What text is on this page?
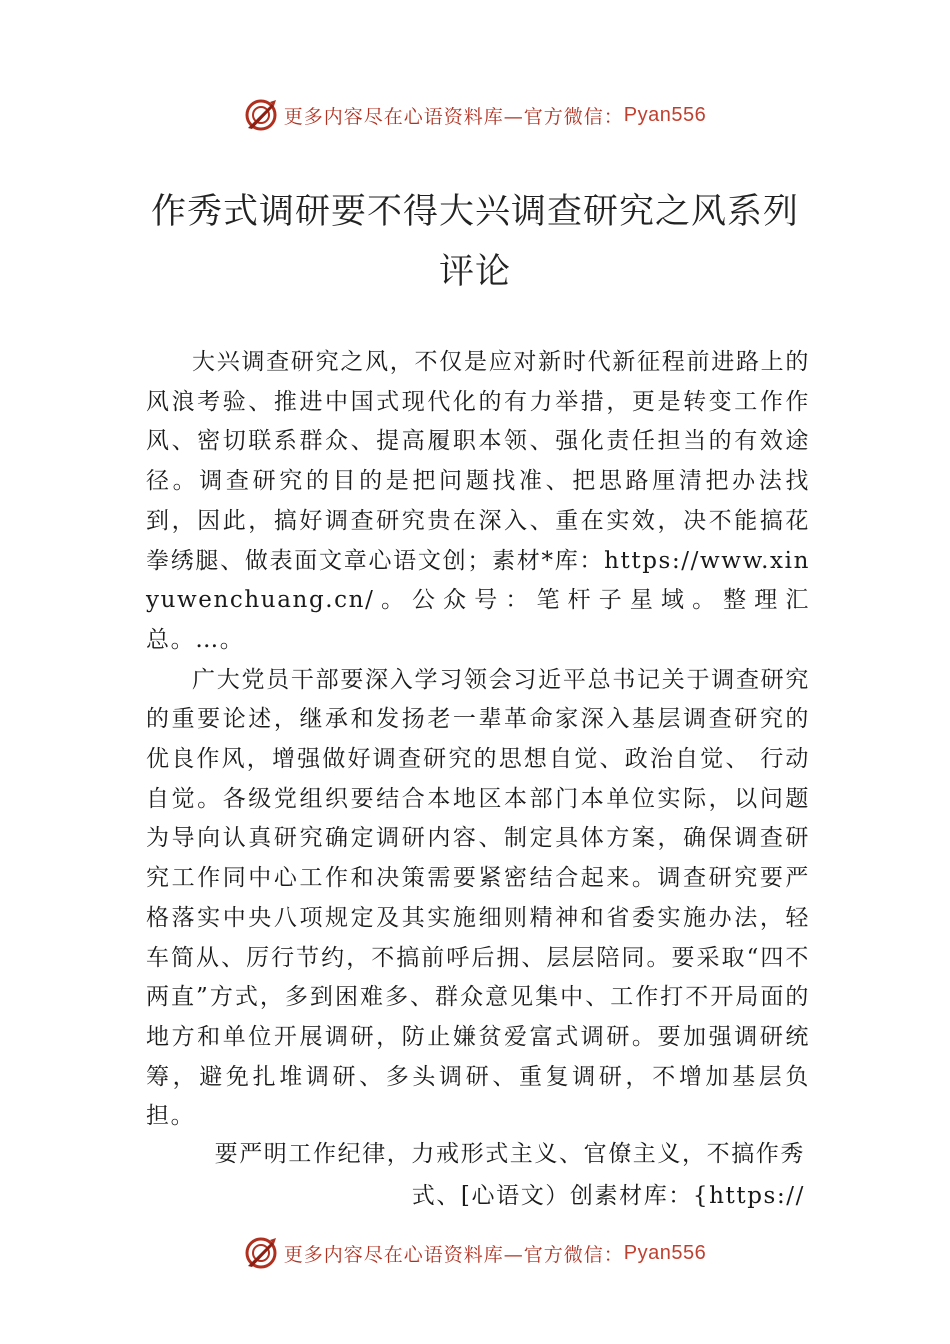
更多内容尽在心语资料库—官方微信： Pyan556
作秀式调研要不得大兴调查研究之风系列
评论

大兴调查研究之风，不仅是应对新时代新征程前进路上的风浪考验、推进中国式现代化的有力举措，更是转变工作作风、密切联系群众、提高履职本领、强化责任担当的有效途径。调查研究的目的是把问题找准、把思路厘清把办法找到，因此，搞好调查研究贵在深入、重在实效，决不能搞花拳绣腿、做表面文章心语文创；素材*库：https://www.xinyuwenchuang.cn/。公众号：笔杆子星域。整理汇总。…。

广大党员干部要深入学习领会习近平总书记关于调查研究的重要论述，继承和发扬老一辈革命家深入基层调查研究的优良作风，增强做好调查研究的思想自觉、政治自觉、 行动自觉。各级党组织要结合本地区本部门本单位实际，以问题为导向认真研究确定调研内容、制定具体方案，确保调查研究工作同中心工作和决策需要紧密结合起来。调查研究要严格落实中央八项规定及其实施细则精神和省委实施办法，轻车简从、厉行节约，不搞前呼后拥、层层陪同。要采取“四不两直”方式，多到困难多、群众意见集中、工作打不开局面的地方和单位开展调研，防止嫌贫爱富式调研。要加强调研统筹，避免扎堆调研、多头调研、重复调研，不增加基层负担。

要严明工作纪律，力戒形式主义、官僚主义，不搞作秀
式、[心语文）创素材库：{https://
更多内容尽在心语资料库—官方微信： Pyan556
